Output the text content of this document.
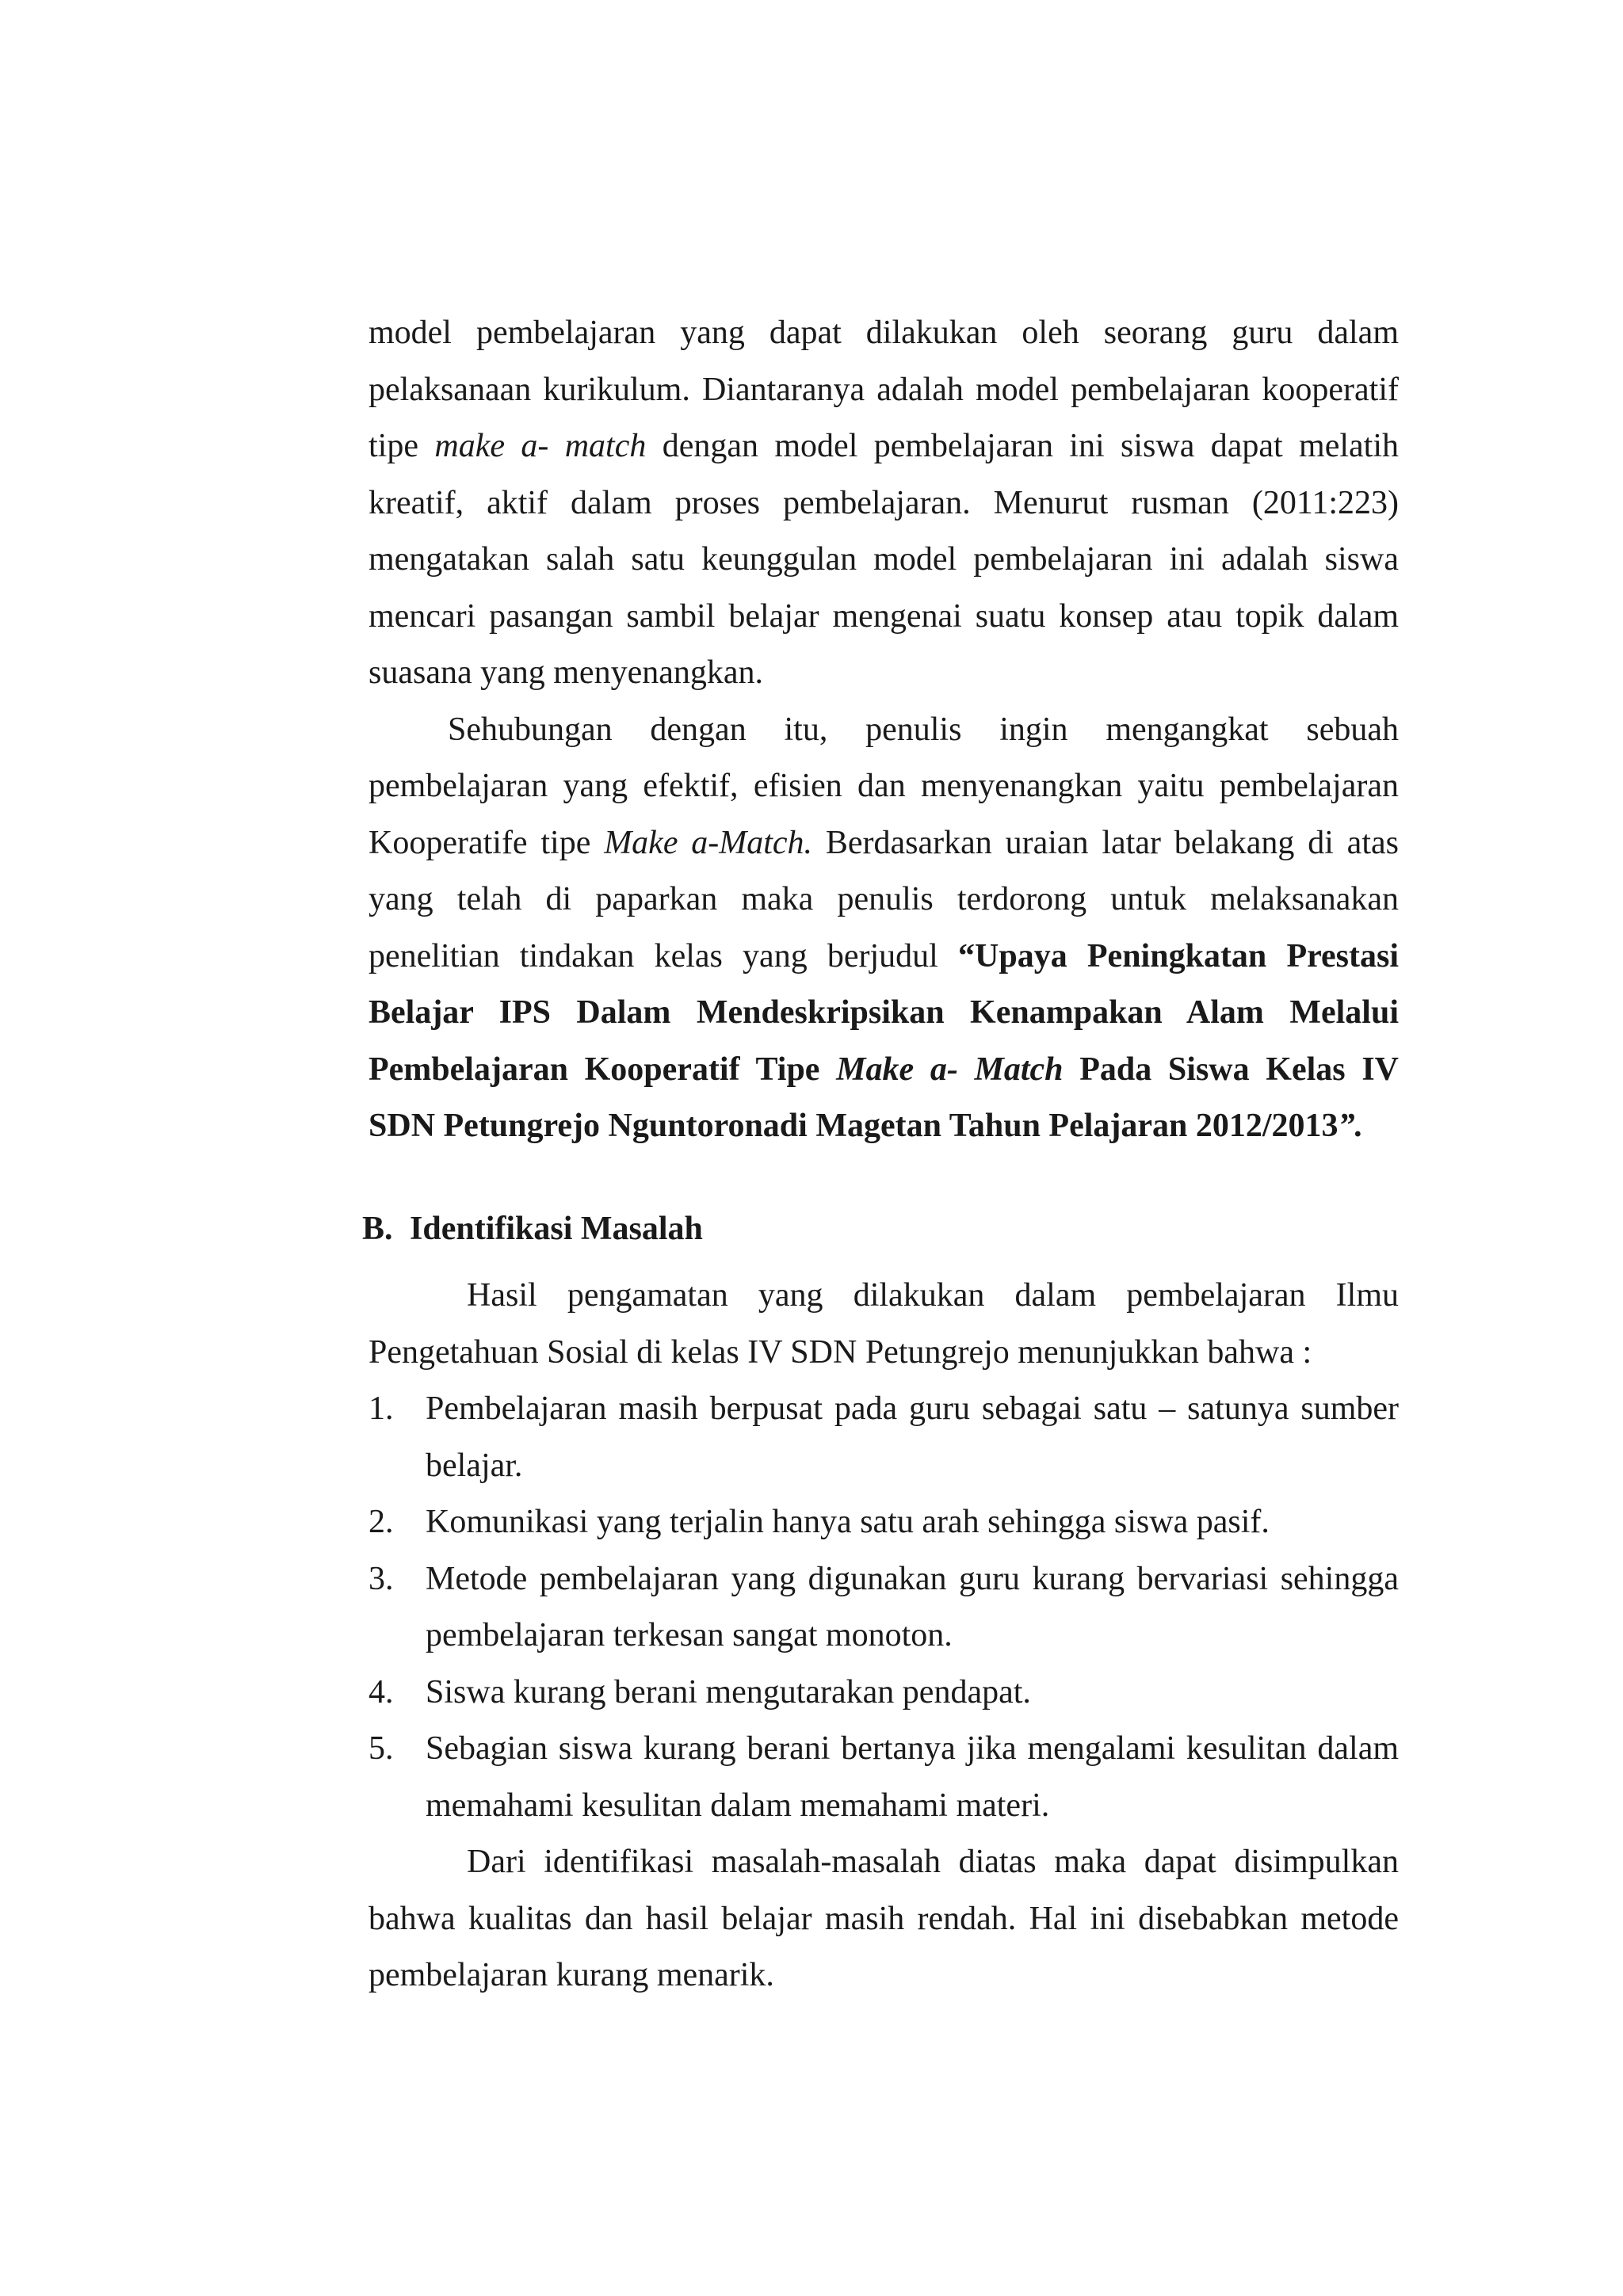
model pembelajaran yang dapat dilakukan oleh seorang guru dalam pelaksanaan kurikulum. Diantaranya adalah model pembelajaran kooperatif tipe make a- match dengan model pembelajaran ini siswa dapat melatih kreatif, aktif dalam proses pembelajaran. Menurut rusman (2011:223) mengatakan salah satu keunggulan model pembelajaran ini adalah siswa mencari pasangan sambil belajar mengenai suatu konsep atau topik dalam suasana yang menyenangkan.

Sehubungan dengan itu, penulis ingin mengangkat sebuah pembelajaran yang efektif, efisien dan menyenangkan yaitu pembelajaran Kooperatife tipe Make a-Match. Berdasarkan uraian latar belakang di atas yang telah di paparkan maka penulis terdorong untuk melaksanakan penelitian tindakan kelas yang berjudul “Upaya Peningkatan Prestasi Belajar IPS Dalam Mendeskripsikan Kenampakan Alam Melalui Pembelajaran Kooperatif Tipe Make a- Match Pada Siswa Kelas IV SDN Petungrejo Nguntoronadi Magetan Tahun Pelajaran 2012/2013”.

B. Identifikasi Masalah

Hasil pengamatan yang dilakukan dalam pembelajaran Ilmu Pengetahuan Sosial di kelas IV SDN Petungrejo menunjukkan bahwa :

1. Pembelajaran masih berpusat pada guru sebagai satu – satunya sumber belajar.
2. Komunikasi yang terjalin hanya satu arah sehingga siswa pasif.
3. Metode pembelajaran yang digunakan guru kurang bervariasi sehingga pembelajaran terkesan sangat monoton.
4. Siswa kurang berani mengutarakan pendapat.
5. Sebagian siswa kurang berani bertanya jika mengalami kesulitan dalam memahami kesulitan dalam memahami materi.

Dari identifikasi masalah-masalah diatas maka dapat disimpulkan bahwa kualitas dan hasil belajar masih rendah. Hal ini disebabkan metode pembelajaran kurang menarik.
